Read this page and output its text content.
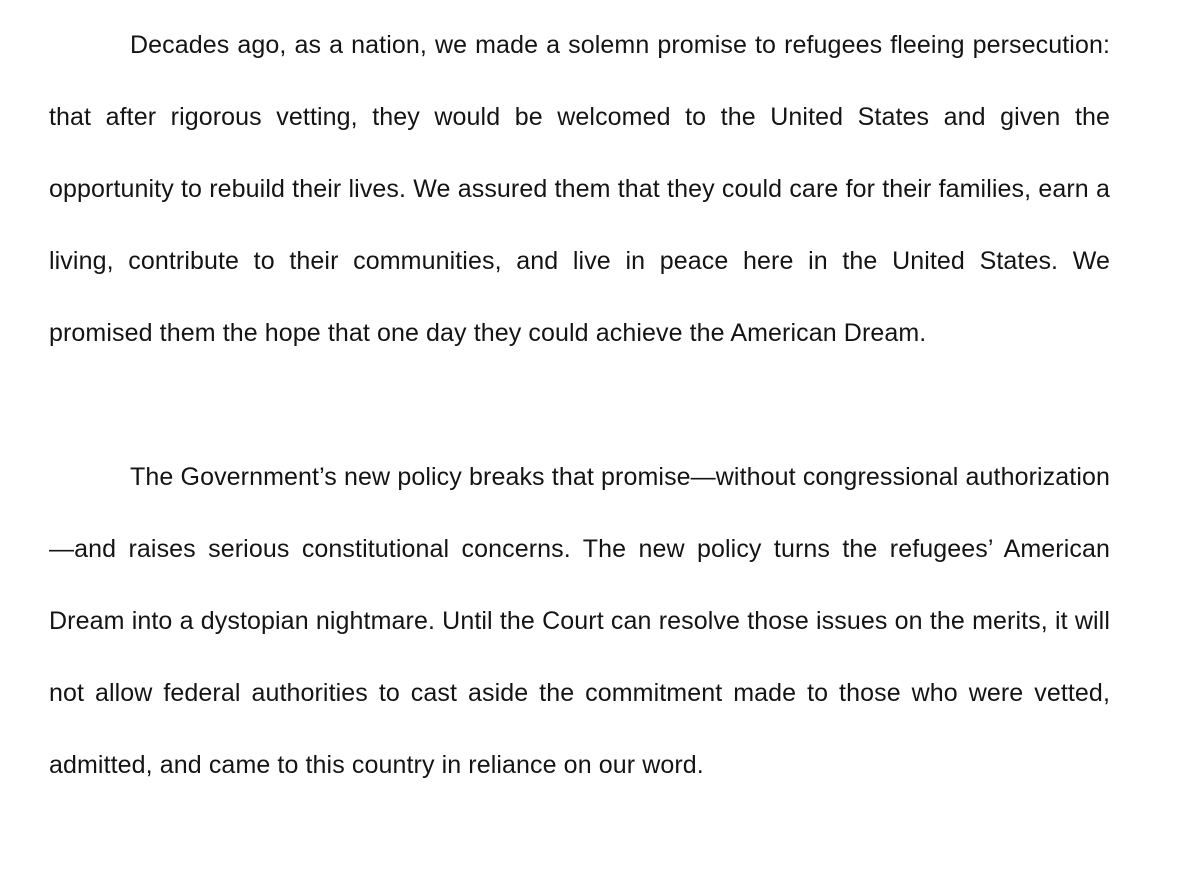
Decades ago, as a nation, we made a solemn promise to refugees fleeing persecution: that after rigorous vetting, they would be welcomed to the United States and given the opportunity to rebuild their lives. We assured them that they could care for their families, earn a living, contribute to their communities, and live in peace here in the United States. We promised them the hope that one day they could achieve the American Dream.

The Government’s new policy breaks that promise—without congressional authorization—and raises serious constitutional concerns. The new policy turns the refugees’ American Dream into a dystopian nightmare. Until the Court can resolve those issues on the merits, it will not allow federal authorities to cast aside the commitment made to those who were vetted, admitted, and came to this country in reliance on our word.
